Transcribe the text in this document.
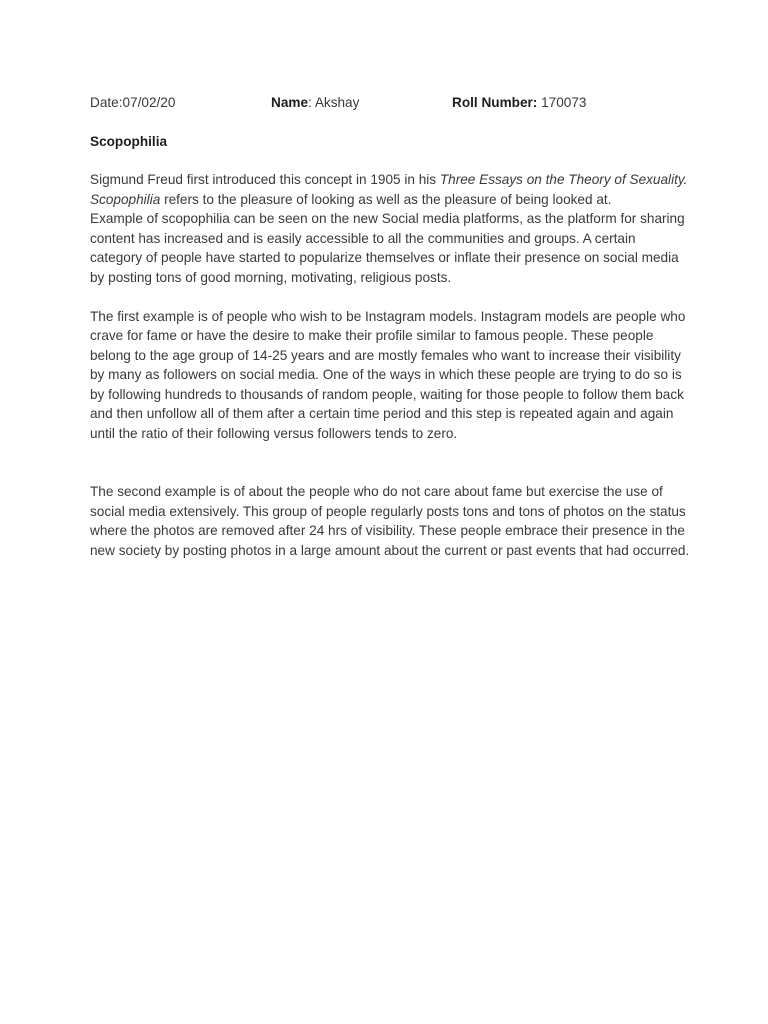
Date:07/02/20	Name: Akshay	Roll Number: 170073
Scopophilia

Sigmund Freud first introduced this concept in 1905 in his Three Essays on the Theory of Sexuality. Scopophilia refers to the pleasure of looking as well as the pleasure of being looked at.

Example of scopophilia can be seen on the new Social media platforms, as the platform for sharing content has increased and is easily accessible to all the communities and groups. A certain category of people have started to popularize themselves or inflate their presence on social media by posting tons of good morning, motivating, religious posts.

The first example is of people who wish to be Instagram models. Instagram models are people who crave for fame or have the desire to make their profile similar to famous people. These people belong to the age group of 14-25 years and are mostly females who want to increase their visibility by many as followers on social media. One of the ways in which these people are trying to do so is by following hundreds to thousands of random people, waiting for those people to follow them back and then unfollow all of them after a certain time period and this step is repeated again and again until the ratio of their following versus followers tends to zero.

The second example is of about the people who do not care about fame but exercise the use of social media extensively. This group of people regularly posts tons and tons of photos on the status where the photos are removed after 24 hrs of visibility. These people embrace their presence in the new society by posting photos in a large amount about the current or past events that had occurred.
